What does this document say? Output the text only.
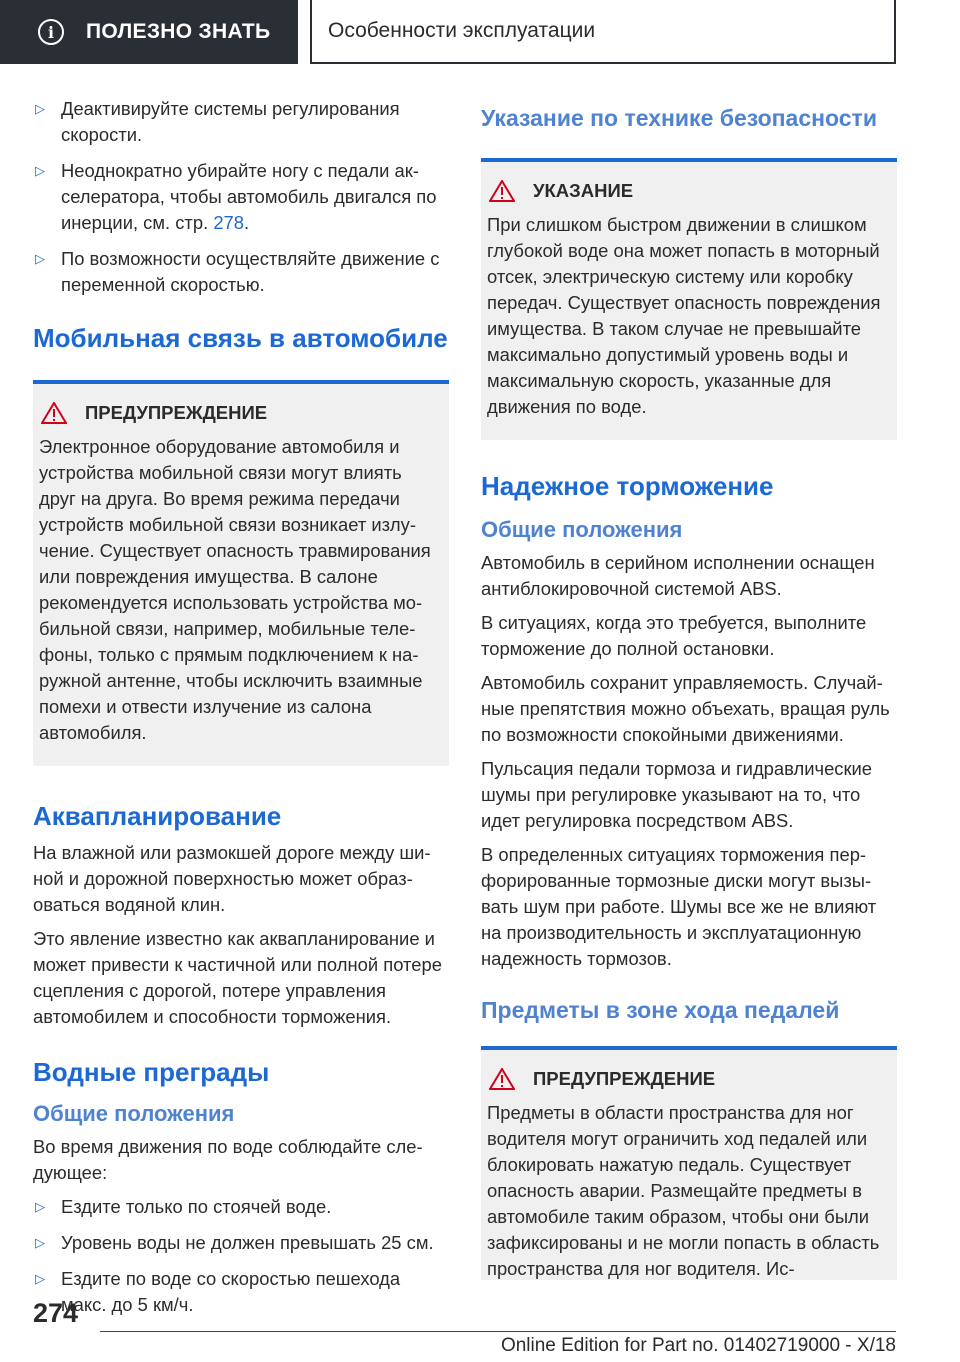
i	ПОЛЕЗНО ЗНАТЬ	Особенности эксплуатации
▷ Деактивируйте системы регулирования скорости.
▷ Неоднократно убирайте ногу с педали акселератора, чтобы автомобиль двигался по инерции, см. стр. 278.
▷ По возможности осуществляйте движение с переменной скоростью.
Мобильная связь в автомобиле
ПРЕДУПРЕЖДЕНИЕ

Электронное оборудование автомобиля и устройства мобильной связи могут влиять друг на друга. Во время режима передачи устройств мобильной связи возникает излучение. Существует опасность травмирования или повреждения имущества. В салоне рекомендуется использовать устройства мобильной связи, например, мобильные телефоны, только с прямым подключением к наружной антенне, чтобы исключить взаимные помехи и отвести излучение из салона автомобиля.

Аквапланирование

На влажной или размокшей дороге между шиной и дорожной поверхностью может образоваться водяной клин.

Это явление известно как аквапланирование и может привести к частичной или полной потере сцепления с дорогой, потере управления автомобилем и способности торможения.

Водные преграды
Общие положения

Во время движения по воде соблюдайте следующее:

▷ Ездите только по стоячей воде.
▷ Уровень воды не должен превышать 25 см.
▷ Ездите по воде со скоростью пешехода макс. до 5 км/ч.
Указание по технике безопасности
УКАЗАНИЕ

При слишком быстром движении в слишком глубокой воде она может попасть в моторный отсек, электрическую систему или коробку передач. Существует опасность повреждения имущества. В таком случае не превышайте максимально допустимый уровень воды и максимальную скорость, указанные для движения по воде.

Надежное торможение
Общие положения

Автомобиль в серийном исполнении оснащен антиблокировочной системой ABS.

В ситуациях, когда это требуется, выполните торможение до полной остановки.

Автомобиль сохранит управляемость. Случайные препятствия можно объехать, вращая руль по возможности спокойными движениями.

Пульсация педали тормоза и гидравлические шумы при регулировке указывают на то, что идет регулировка посредством ABS.

В определенных ситуациях торможения перфорированные тормозные диски могут вызывать шум при работе. Шумы все же не влияют на производительность и эксплуатационную надежность тормозов.

Предметы в зоне хода педалей
ПРЕДУПРЕЖДЕНИЕ

Предметы в области пространства для ног водителя могут ограничить ход педалей или блокировать нажатую педаль. Существует опасность аварии. Размещайте предметы в автомобиле таким образом, чтобы они были зафиксированы и не могли попасть в область пространства для ног водителя. Ис-

274
Online Edition for Part no. 01402719000 - X/18
